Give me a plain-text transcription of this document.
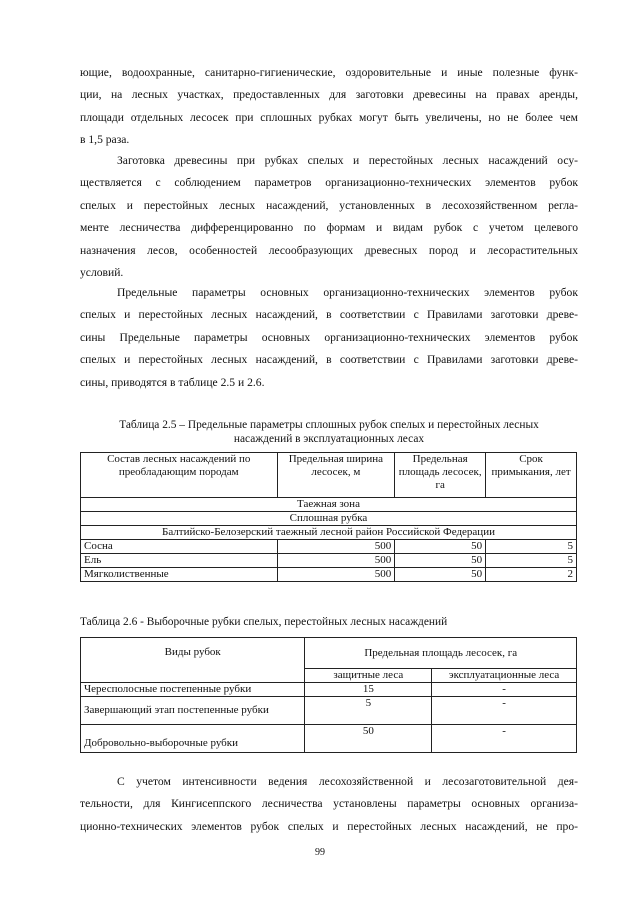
ющие, водоохранные, санитарно-гигиенические, оздоровительные и иные полезные функ-
ции, на лесных участках, предоставленных для заготовки древесины на правах аренды,
площади отдельных лесосек при сплошных рубках могут быть увеличены, но не более чем
в 1,5 раза.

Заготовка древесины при рубках спелых и перестойных лесных насаждений осу-
ществляется с соблюдением параметров организационно-технических элементов рубок
спелых и перестойных лесных насаждений, установленных в лесохозяйственном регла-
менте лесничества дифференцированно по формам и видам рубок с учетом целевого
назначения лесов, особенностей лесообразующих древесных пород и лесорастительных
условий.

Предельные параметры основных организационно-технических элементов рубок
спелых и перестойных лесных насаждений, в соответствии с Правилами заготовки древе-
сины Предельные параметры основных организационно-технических элементов рубок
спелых и перестойных лесных насаждений, в соответствии с Правилами заготовки древе-
сины, приводятся в таблице 2.5 и 2.6.

Таблица 2.5 – Предельные параметры сплошных рубок спелых и перестойных лесных
насаждений в эксплуатационных лесах

Состав лесных насаждений по преобладающим породам	Предельная ширина лесосек, м	Предельная площадь лесосек, га	Срок примыкания, лет
Таежная зона			
Сплошная рубка			
Балтийско-Белозерский таежный лесной район Российской Федерации			
Сосна	500	50	5
Ель	500	50	5
Мягколиственные	500	50	2

Таблица 2.6 - Выборочные рубки спелых, перестойных лесных насаждений

Виды рубок	Предельная площадь лесосек, га	
	защитные леса	эксплуатационные леса
Чересполосные постепенные рубки	15	-
Завершающий этап постепенные рубки	5	-
Добровольно-выборочные рубки	50	-

С учетом интенсивности ведения лесохозяйственной и лесозаготовительной дея-
тельности, для Кингисеппского лесничества установлены параметры основных организа-
ционно-технических элементов рубок спелых и перестойных лесных насаждений, не про-

99
